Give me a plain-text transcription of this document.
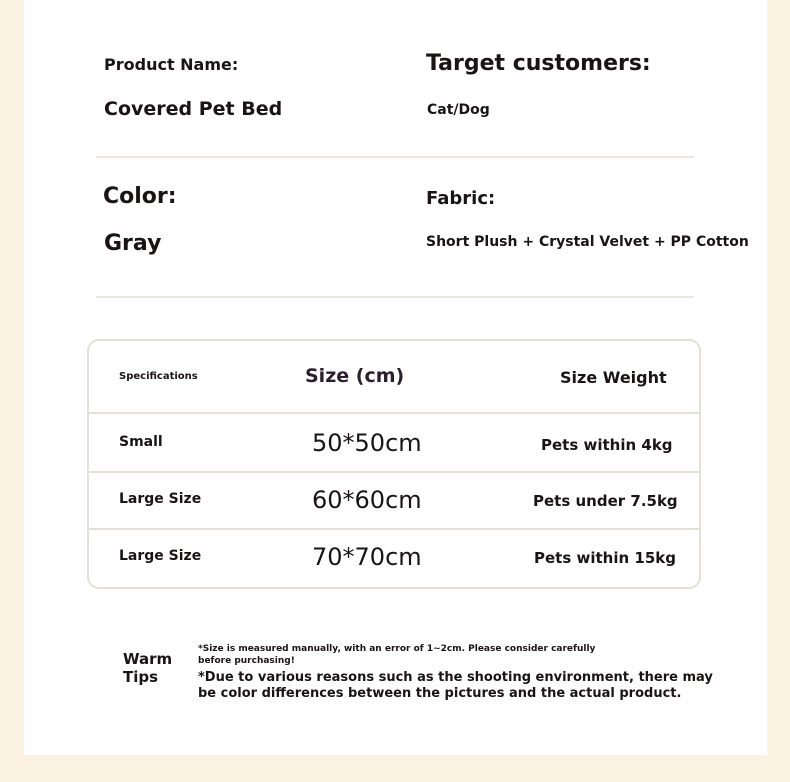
Product Name:
Covered Pet Bed
Target customers:
Cat/Dog
Color:
Gray
Fabric:
Short Plush + Crystal Velvet + PP Cotton
Specifications	Size (cm)	Size Weight
Small	50*50cm	Pets within 4kg
Large Size	60*60cm	Pets under 7.5kg
Large Size	70*70cm	Pets within 15kg
Warm
Tips
*Size is measured manually, with an error of 1~2cm. Please consider carefully
before purchasing!
*Due to various reasons such as the shooting environment, there may
be color differences between the pictures and the actual product.
